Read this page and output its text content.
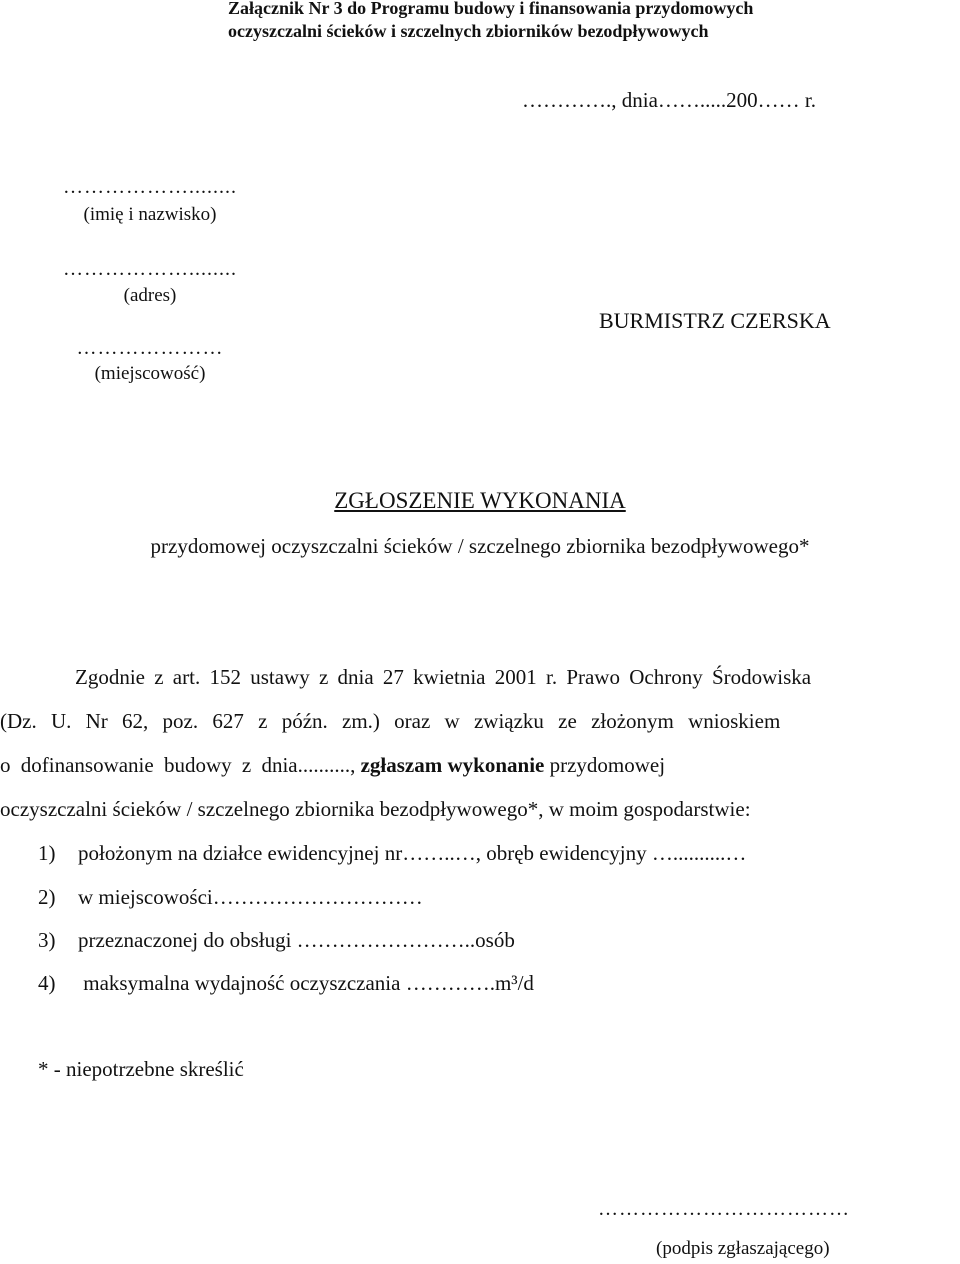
Załącznik Nr 3 do Programu budowy i finansowania przydomowych
oczyszczalni ścieków i szczelnych zbiorników bezodpływowych
…………., dnia…….....200…… r.
………………........
(imię i nazwisko)
………………........
(adres)
…………………
(miejscowość)
BURMISTRZ CZERSKA
ZGŁOSZENIE WYKONANIA
przydomowej oczyszczalni ścieków / szczelnego zbiornika bezodpływowego*
Zgodnie z art. 152 ustawy z dnia 27 kwietnia 2001 r. Prawo Ochrony Środowiska
(Dz. U. Nr 62, poz. 627 z późn. zm.) oraz w związku ze złożonym wnioskiem
o dofinansowanie budowy z dnia.........., zgłaszam wykonanie przydomowej
oczyszczalni ścieków / szczelnego zbiornika bezodpływowego*, w moim gospodarstwie:
1) położonym na działce ewidencyjnej nr……..…, obręb ewidencyjny …..........…
2) w miejscowości…………………………
3) przeznaczonej do obsługi ……………………..osób
4) maksymalna wydajność oczyszczania ………….m³/d
* - niepotrzebne skreślić
………………………………
(podpis zgłaszającego)
